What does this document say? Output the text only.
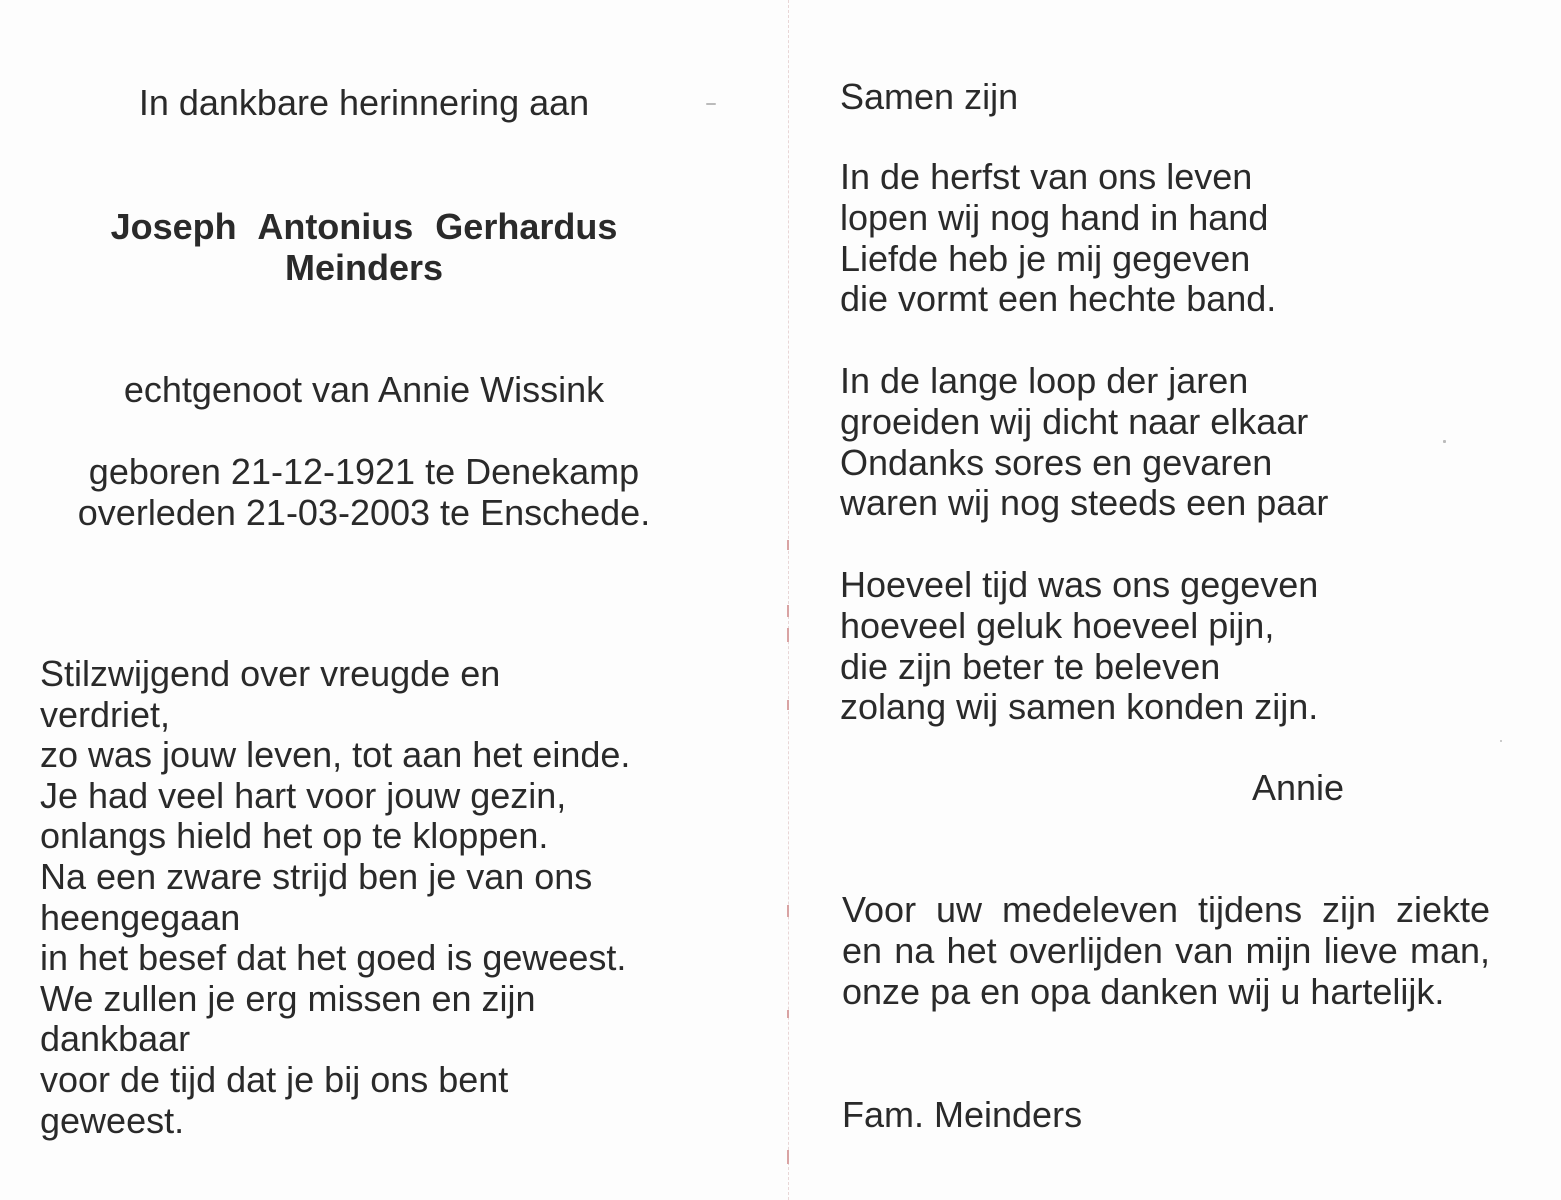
In dankbare herinnering aan
Joseph Antonius Gerhardus
Meinders
echtgenoot van Annie Wissink
geboren 21-12-1921 te Denekamp
overleden 21-03-2003 te Enschede.
Stilzwijgend over vreugde en
verdriet,
zo was jouw leven, tot aan het einde.
Je had veel hart voor jouw gezin,
onlangs hield het op te kloppen.
Na een zware strijd ben je van ons
heengegaan
in het besef dat het goed is geweest.
We zullen je erg missen en zijn
dankbaar
voor de tijd dat je bij ons bent
geweest.
Samen zijn
In de herfst van ons leven
lopen wij nog hand in hand
Liefde heb je mij gegeven
die vormt een hechte band.
In de lange loop der jaren
groeiden wij dicht naar elkaar
Ondanks sores en gevaren
waren wij nog steeds een paar
Hoeveel tijd was ons gegeven
hoeveel geluk hoeveel pijn,
die zijn beter te beleven
zolang wij samen konden zijn.
Annie
Voor uw medeleven tijdens zijn ziekte en na het overlijden van mijn lieve man, onze pa en opa danken wij u hartelijk.
Fam. Meinders
